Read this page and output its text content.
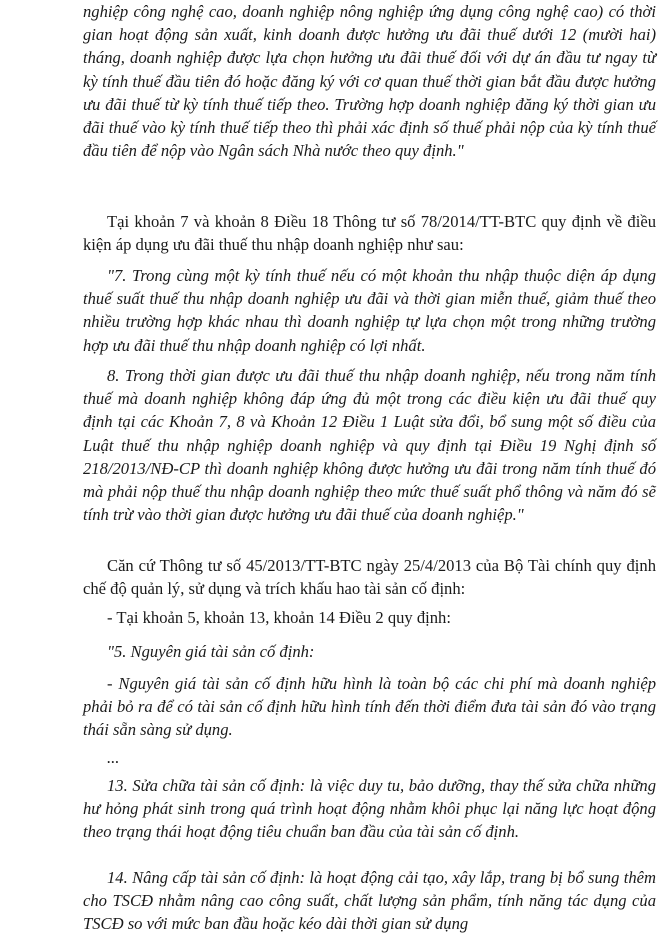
nghiệp công nghệ cao, doanh nghiệp nông nghiệp ứng dụng công nghệ cao) có thời gian hoạt động sản xuất, kinh doanh được hưởng ưu đãi thuế dưới 12 (mười hai) tháng, doanh nghiệp được lựa chọn hưởng ưu đãi thuế đối với dự án đầu tư ngay từ kỳ tính thuế đầu tiên đó hoặc đăng ký với cơ quan thuế thời gian bắt đầu được hưởng ưu đãi thuế từ kỳ tính thuế tiếp theo. Trường hợp doanh nghiệp đăng ký thời gian ưu đãi thuế vào kỳ tính thuế tiếp theo thì phải xác định số thuế phải nộp của kỳ tính thuế đầu tiên để nộp vào Ngân sách Nhà nước theo quy định."

Tại khoản 7 và khoản 8 Điều 18 Thông tư số 78/2014/TT-BTC quy định về điều kiện áp dụng ưu đãi thuế thu nhập doanh nghiệp như sau:

"7. Trong cùng một kỳ tính thuế nếu có một khoản thu nhập thuộc diện áp dụng thuế suất thuế thu nhập doanh nghiệp ưu đãi và thời gian miễn thuế, giảm thuế theo nhiều trường hợp khác nhau thì doanh nghiệp tự lựa chọn một trong những trường hợp ưu đãi thuế thu nhập doanh nghiệp có lợi nhất.

8. Trong thời gian được ưu đãi thuế thu nhập doanh nghiệp, nếu trong năm tính thuế mà doanh nghiệp không đáp ứng đủ một trong các điều kiện ưu đãi thuế quy định tại các Khoản 7, 8 và Khoản 12 Điều 1 Luật sửa đổi, bổ sung một số điều của Luật thuế thu nhập nghiệp doanh nghiệp và quy định tại Điều 19 Nghị định số 218/2013/NĐ-CP thì doanh nghiệp không được hưởng ưu đãi trong năm tính thuế đó mà phải nộp thuế thu nhập doanh nghiệp theo mức thuế suất phổ thông và năm đó sẽ tính trừ vào thời gian được hưởng ưu đãi thuế của doanh nghiệp."

Căn cứ Thông tư số 45/2013/TT-BTC ngày 25/4/2013 của Bộ Tài chính quy định chế độ quản lý, sử dụng và trích khấu hao tài sản cố định:

- Tại khoản 5, khoản 13, khoản 14 Điều 2 quy định:

"5. Nguyên giá tài sản cố định:

- Nguyên giá tài sản cố định hữu hình là toàn bộ các chi phí mà doanh nghiệp phải bỏ ra để có tài sản cố định hữu hình tính đến thời điểm đưa tài sản đó vào trạng thái sẵn sàng sử dụng.

...

13. Sửa chữa tài sản cố định: là việc duy tu, bảo dưỡng, thay thế sửa chữa những hư hỏng phát sinh trong quá trình hoạt động nhằm khôi phục lại năng lực hoạt động theo trạng thái hoạt động tiêu chuẩn ban đầu của tài sản cố định.

14. Nâng cấp tài sản cố định: là hoạt động cải tạo, xây lắp, trang bị bổ sung thêm cho TSCĐ nhằm nâng cao công suất, chất lượng sản phẩm, tính năng tác dụng của TSCĐ so với mức ban đầu hoặc kéo dài thời gian sử dụng
